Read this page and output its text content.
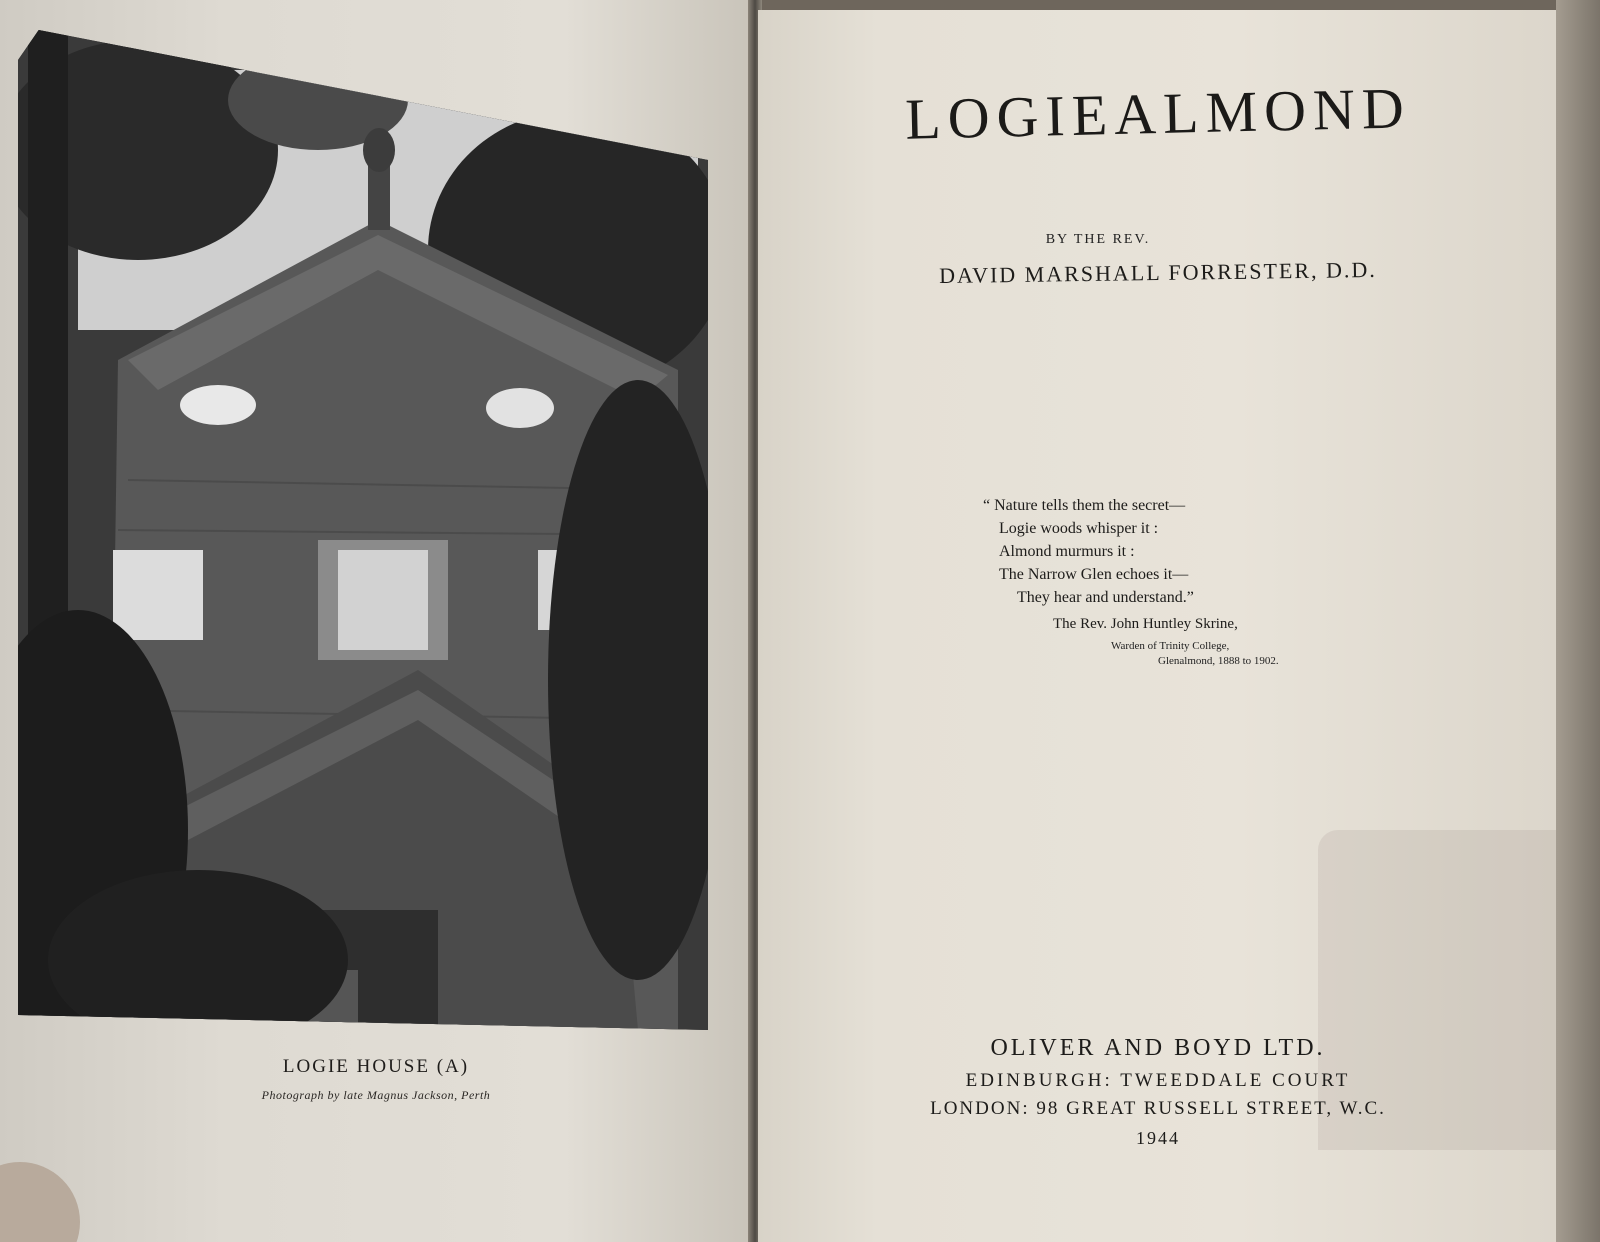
LOGIE HOUSE (A)
Photograph by late Magnus Jackson, Perth
LOGIEALMOND
BY THE REV.
DAVID MARSHALL FORRESTER, D.D.
“ Nature tells them the secret—
Logie woods whisper it :
Almond murmurs it :
The Narrow Glen echoes it—
They hear and understand.”
The Rev. John Huntley Skrine,
Warden of Trinity College,
Glenalmond, 1888 to 1902.
OLIVER AND BOYD LTD.
EDINBURGH: TWEEDDALE COURT
LONDON: 98 GREAT RUSSELL STREET, W.C.
1944
